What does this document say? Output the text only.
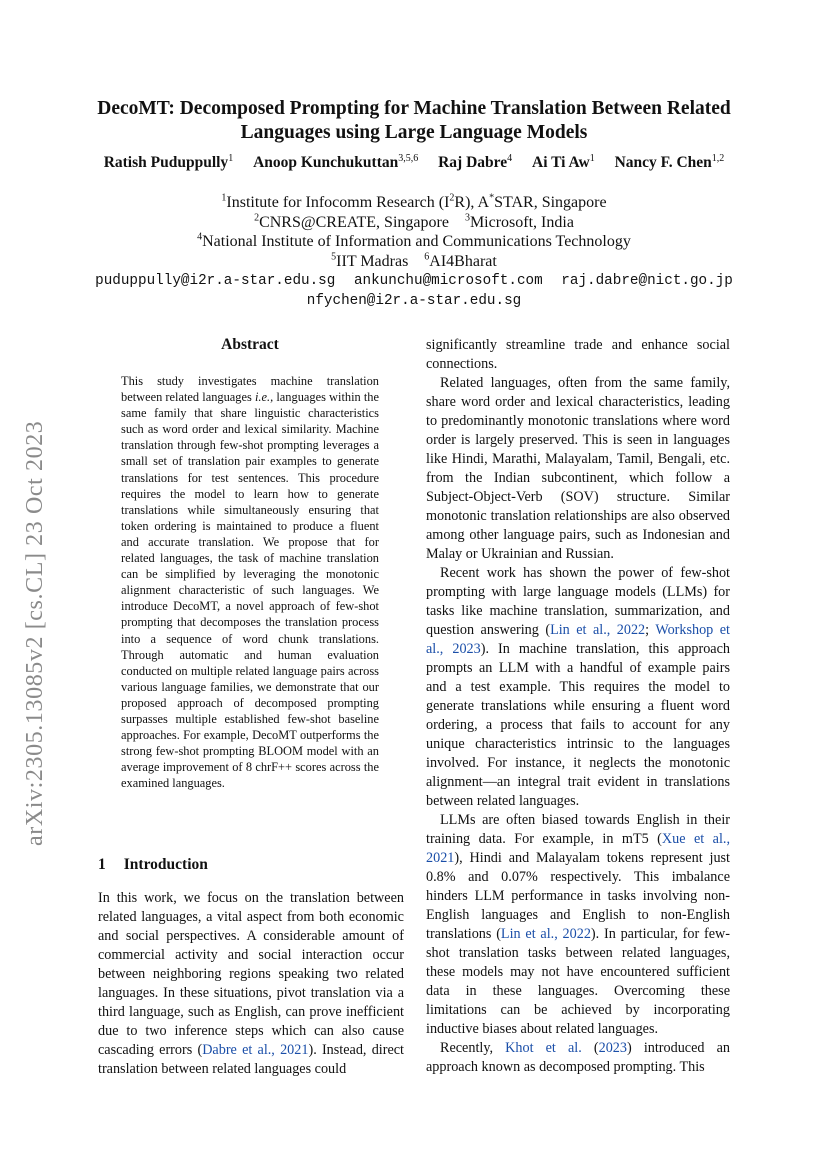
arXiv:2305.13085v2 [cs.CL] 23 Oct 2023
DecoMT: Decomposed Prompting for Machine Translation Between Related Languages using Large Language Models
Ratish Puduppully$^1$ Anoop Kunchukuttan$^{3,5,6}$ Raj Dabre$^4$ Ai Ti Aw$^1$ Nancy F. Chen$^{1,2}$
$^1$Institute for Infocomm Research $(I^2R)$, A*STAR, Singapore
$^2$CNRS@CREATE, Singapore $^3$Microsoft, India
$^4$National Institute of Information and Communications Technology
$^5$IIT Madras $^6$AI4Bharat
puduppully@i2r.a-star.edu.sg ankunchu@microsoft.com raj.dabre@nict.go.jp
nfychen@i2r.a-star.edu.sg
Abstract
This study investigates machine translation between related languages i.e., languages within the same family that share linguistic characteristics such as word order and lexical similarity. Machine translation through few-shot prompting leverages a small set of translation pair examples to generate translations for test sentences. This procedure requires the model to learn how to generate translations while simultaneously ensuring that token ordering is maintained to produce a fluent and accurate translation. We propose that for related languages, the task of machine translation can be simplified by leveraging the monotonic alignment characteristic of such languages. We introduce DecoMT, a novel approach of few-shot prompting that decomposes the translation process into a sequence of word chunk translations. Through automatic and human evaluation conducted on multiple related language pairs across various language families, we demonstrate that our proposed approach of decomposed prompting surpasses multiple established few-shot baseline approaches. For example, DecoMT outperforms the strong few-shot prompting BLOOM model with an average improvement of 8 chrF++ scores across the examined languages.
1 Introduction
In this work, we focus on the translation between related languages, a vital aspect from both economic and social perspectives. A considerable amount of commercial activity and social interaction occur between neighboring regions speaking two related languages. In these situations, pivot translation via a third language, such as English, can prove inefficient due to two inference steps which can also cause cascading errors (Dabre et al., 2021). Instead, direct translation between related languages could

significantly streamline trade and enhance social connections.

Related languages, often from the same family, share word order and lexical characteristics, leading to predominantly monotonic translations where word order is largely preserved. This is seen in languages like Hindi, Marathi, Malayalam, Tamil, Bengali, etc. from the Indian subcontinent, which follow a Subject-Object-Verb (SOV) structure. Similar monotonic translation relationships are also observed among other language pairs, such as Indonesian and Malay or Ukrainian and Russian.

Recent work has shown the power of few-shot prompting with large language models (LLMs) for tasks like machine translation, summarization, and question answering (Lin et al., 2022; Workshop et al., 2023). In machine translation, this approach prompts an LLM with a handful of example pairs and a test example. This requires the model to generate translations while ensuring a fluent word ordering, a process that fails to account for any unique characteristics intrinsic to the languages involved. For instance, it neglects the monotonic alignment—an integral trait evident in translations between related languages.

LLMs are often biased towards English in their training data. For example, in mT5 (Xue et al., 2021), Hindi and Malayalam tokens represent just 0.8% and 0.07% respectively. This imbalance hinders LLM performance in tasks involving non-English languages and English to non-English translations (Lin et al., 2022). In particular, for few-shot translation tasks between related languages, these models may not have encountered sufficient data in these languages. Overcoming these limitations can be achieved by incorporating inductive biases about related languages.

Recently, Khot et al. (2023) introduced an approach known as decomposed prompting. This
